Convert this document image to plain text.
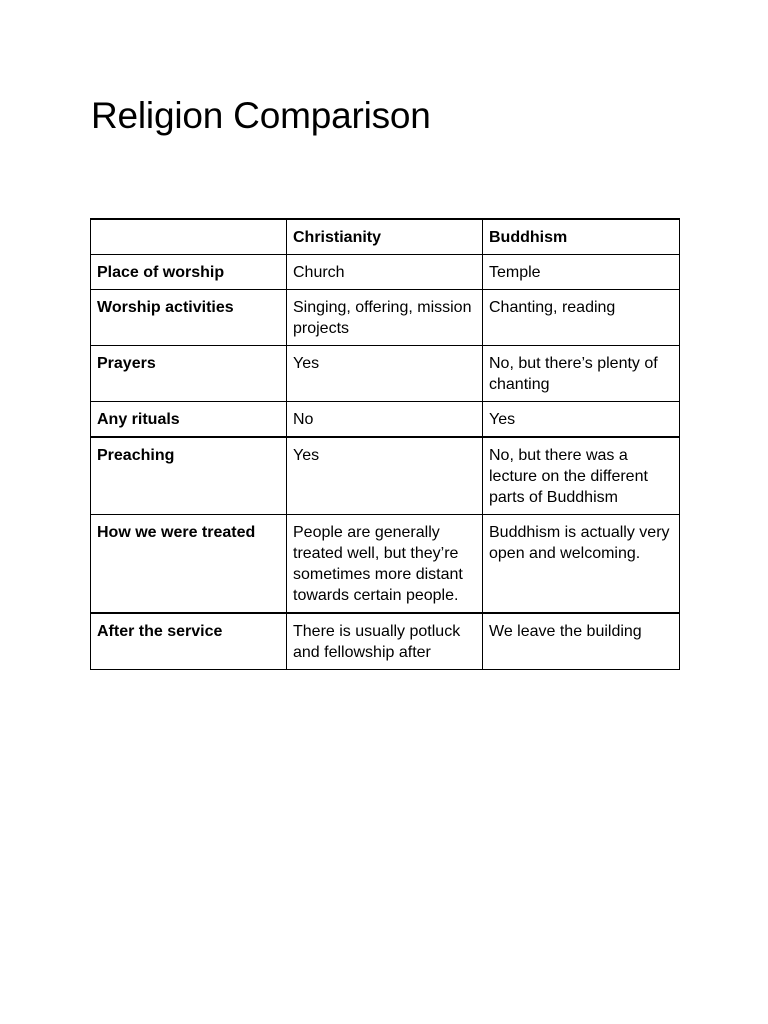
Religion Comparison
	Christianity	Buddhism
Place of worship	Church	Temple
Worship activities	Singing, offering, mission projects	Chanting, reading
Prayers	Yes	No, but there’s plenty of chanting
Any rituals	No	Yes
Preaching	Yes	No, but there was a lecture on the different parts of Buddhism
How we were treated	People are generally treated well, but they’re sometimes more distant towards certain people.	Buddhism is actually very open and welcoming.
After the service	There is usually potluck and fellowship after	We leave the building
